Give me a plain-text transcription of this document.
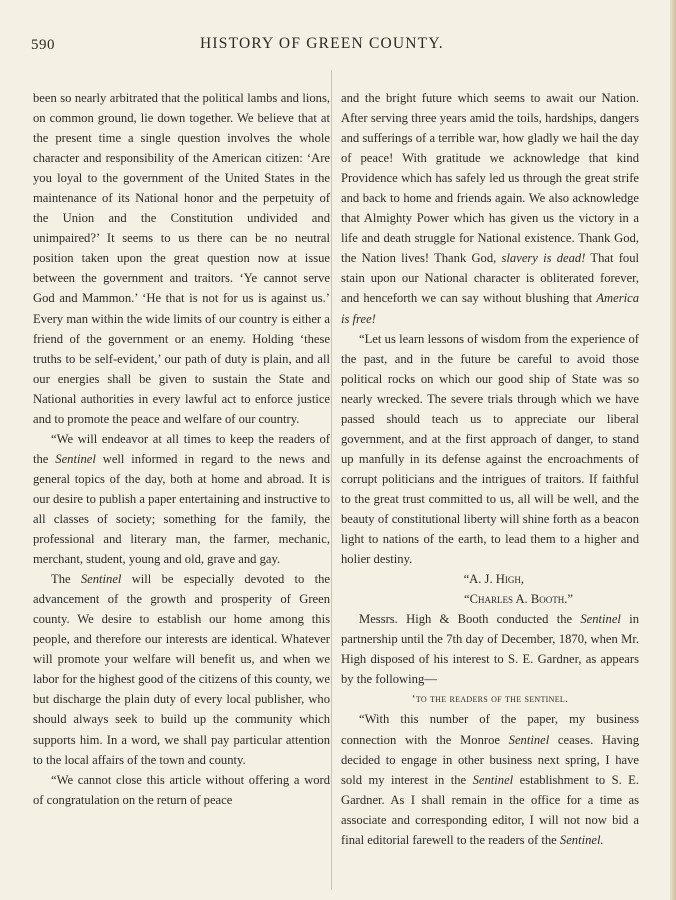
590	HISTORY OF GREEN COUNTY.

been so nearly arbitrated that the political lambs and lions, on common ground, lie down together. We believe that at the present time a single question involves the whole character and responsibility of the American citizen: ‘Are you loyal to the government of the United States in the maintenance of its National honor and the perpetuity of the Union and the Constitution undivided and unimpaired?’ It seems to us there can be no neutral position taken upon the great question now at issue between the government and traitors. ‘Ye cannot serve God and Mammon.’ ‘He that is not for us is against us.’ Every man within the wide limits of our country is either a friend of the government or an enemy. Holding ‘these truths to be self-evident,’ our path of duty is plain, and all our energies shall be given to sustain the State and National authorities in every lawful act to enforce justice and to promote the peace and welfare of our country.

“We will endeavor at all times to keep the readers of the Sentinel well informed in regard to the news and general topics of the day, both at home and abroad. It is our desire to publish a paper entertaining and instructive to all classes of society; something for the family, the professional and literary man, the farmer, mechanic, merchant, student, young and old, grave and gay.

The Sentinel will be especially devoted to the advancement of the growth and prosperity of Green county. We desire to establish our home among this people, and therefore our interests are identical. Whatever will promote your welfare will benefit us, and when we labor for the highest good of the citizens of this county, we but discharge the plain duty of every local publisher, who should always seek to build up the community which supports him. In a word, we shall pay particular attention to the local affairs of the town and county.

“We cannot close this article without offering a word of congratulation on the return of peace

and the bright future which seems to await our Nation. After serving three years amid the toils, hardships, dangers and sufferings of a terrible war, how gladly we hail the day of peace! With gratitude we acknowledge that kind Providence which has safely led us through the great strife and back to home and friends again. We also acknowledge that Almighty Power which has given us the victory in a life and death struggle for National existence. Thank God, the Nation lives! Thank God, slavery is dead! That foul stain upon our National character is obliterated forever, and henceforth we can say without blushing that America is free!

“Let us learn lessons of wisdom from the experience of the past, and in the future be careful to avoid those political rocks on which our good ship of State was so nearly wrecked. The severe trials through which we have passed should teach us to appreciate our liberal government, and at the first approach of danger, to stand up manfully in its defense against the encroachments of corrupt politicians and the intrigues of traitors. If faithful to the great trust committed to us, all will be well, and the beauty of constitutional liberty will shine forth as a beacon light to nations of the earth, to lead them to a higher and holier destiny.

“A. J. High,

“Charles A. Booth.”

Messrs. High & Booth conducted the Sentinel in partnership until the 7th day of December, 1870, when Mr. High disposed of his interest to S. E. Gardner, as appears by the following—

‘to the readers of the sentinel.

“With this number of the paper, my business connection with the Monroe Sentinel ceases. Having decided to engage in other business next spring, I have sold my interest in the Sentinel establishment to S. E. Gardner. As I shall remain in the office for a time as associate and corresponding editor, I will not now bid a final editorial farewell to the readers of the Sentinel.
